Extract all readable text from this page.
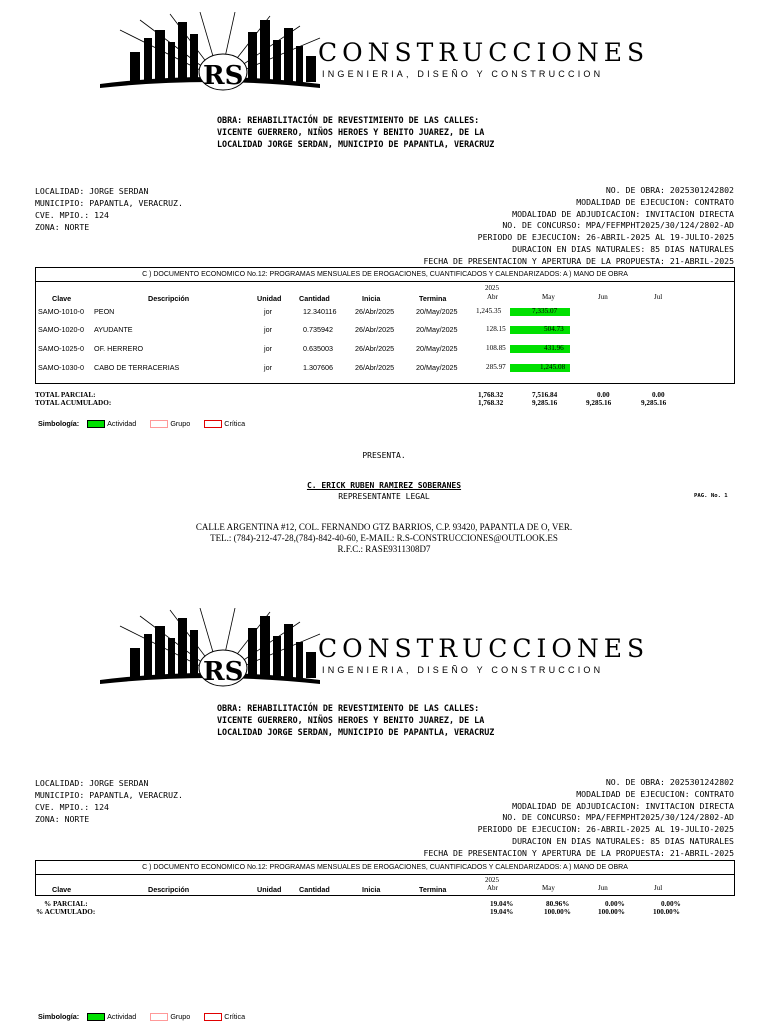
RS
CONSTRUCCIONES
INGENIERIA, DISEÑO Y CONSTRUCCION
OBRA: REHABILITACIÓN DE REVESTIMIENTO DE LAS CALLES:
VICENTE GUERRERO, NIÑOS HEROES Y BENITO JUAREZ, DE LA
LOCALIDAD JORGE SERDAN, MUNICIPIO DE PAPANTLA, VERACRUZ
LOCALIDAD: JORGE SERDAN
MUNICIPIO: PAPANTLA, VERACRUZ.
CVE. MPIO.: 124
ZONA: NORTE
NO. DE OBRA: 2025301242802
MODALIDAD DE EJECUCION: CONTRATO
MODALIDAD DE ADJUDICACION: INVITACION DIRECTA
NO. DE CONCURSO: MPA/FEFMPHT2025/30/124/2802-AD
PERIODO DE EJECUCION: 26-ABRIL-2025 AL 19-JULIO-2025
DURACION EN DIAS NATURALES: 85 DIAS NATURALES
FECHA DE PRESENTACION Y APERTURA DE LA PROPUESTA: 21-ABRIL-2025
C ) DOCUMENTO ECONOMICO No.12: PROGRAMAS MENSUALES DE EROGACIONES, CUANTIFICADOS Y CALENDARIZADOS: A ) MANO DE OBRA
2025
Clave	Descripción	Unidad Cantidad	Inicia	Termina	Abr	May	Jun	Jul
SAMO-1010-0	PEON	jor	12.340116	26/Abr/2025	20/May/2025	1,245.35	7,335.07
SAMO-1020-0	AYUDANTE	jor	0.735942	26/Abr/2025	20/May/2025	128.15	504.73
SAMO-1025-0	OF. HERRERO	jor	0.635003	26/Abr/2025	20/May/2025	108.85	431.96
SAMO-1030-0	CABO DE TERRACERIAS	jor	1.307606	26/Abr/2025	20/May/2025	285.97	1,245.08
TOTAL PARCIAL:	1,768.32	7,516.84	0.00	0.00
TOTAL ACUMULADO:	1,768.32	9,285.16	9,285.16	9,285.16
Simbología:	Actividad	Grupo	Crítica
PRESENTA.
C. ERICK RUBEN RAMIREZ SOBERANES
REPRESENTANTE LEGAL	PAG. No. 1
CALLE ARGENTINA #12, COL. FERNANDO GTZ BARRIOS, C.P. 93420, PAPANTLA DE O, VER.
TEL.: (784)-212-47-28,(784)-842-40-60, E-MAIL: R.S-CONSTRUCCIONES@OUTLOOK.ES
R.F.C.: RASE9311308D7
RS
CONSTRUCCIONES
INGENIERIA, DISEÑO Y CONSTRUCCION
OBRA: REHABILITACIÓN DE REVESTIMIENTO DE LAS CALLES:
VICENTE GUERRERO, NIÑOS HEROES Y BENITO JUAREZ, DE LA
LOCALIDAD JORGE SERDAN, MUNICIPIO DE PAPANTLA, VERACRUZ
LOCALIDAD: JORGE SERDAN
MUNICIPIO: PAPANTLA, VERACRUZ.
CVE. MPIO.: 124
ZONA: NORTE
NO. DE OBRA: 2025301242802
MODALIDAD DE EJECUCION: CONTRATO
MODALIDAD DE ADJUDICACION: INVITACION DIRECTA
NO. DE CONCURSO: MPA/FEFMPHT2025/30/124/2802-AD
PERIODO DE EJECUCION: 26-ABRIL-2025 AL 19-JULIO-2025
DURACION EN DIAS NATURALES: 85 DIAS NATURALES
FECHA DE PRESENTACION Y APERTURA DE LA PROPUESTA: 21-ABRIL-2025
C ) DOCUMENTO ECONOMICO No.12: PROGRAMAS MENSUALES DE EROGACIONES, CUANTIFICADOS Y CALENDARIZADOS: A ) MANO DE OBRA
2025
Clave	Descripción	Unidad Cantidad	Inicia	Termina	Abr	May	Jun	Jul
% PARCIAL:	19.04%	80.96%	0.00%	0.00%
% ACUMULADO:	19.04%	100.00%	100.00%	100.00%
Simbología:	Actividad	Grupo	Crítica
